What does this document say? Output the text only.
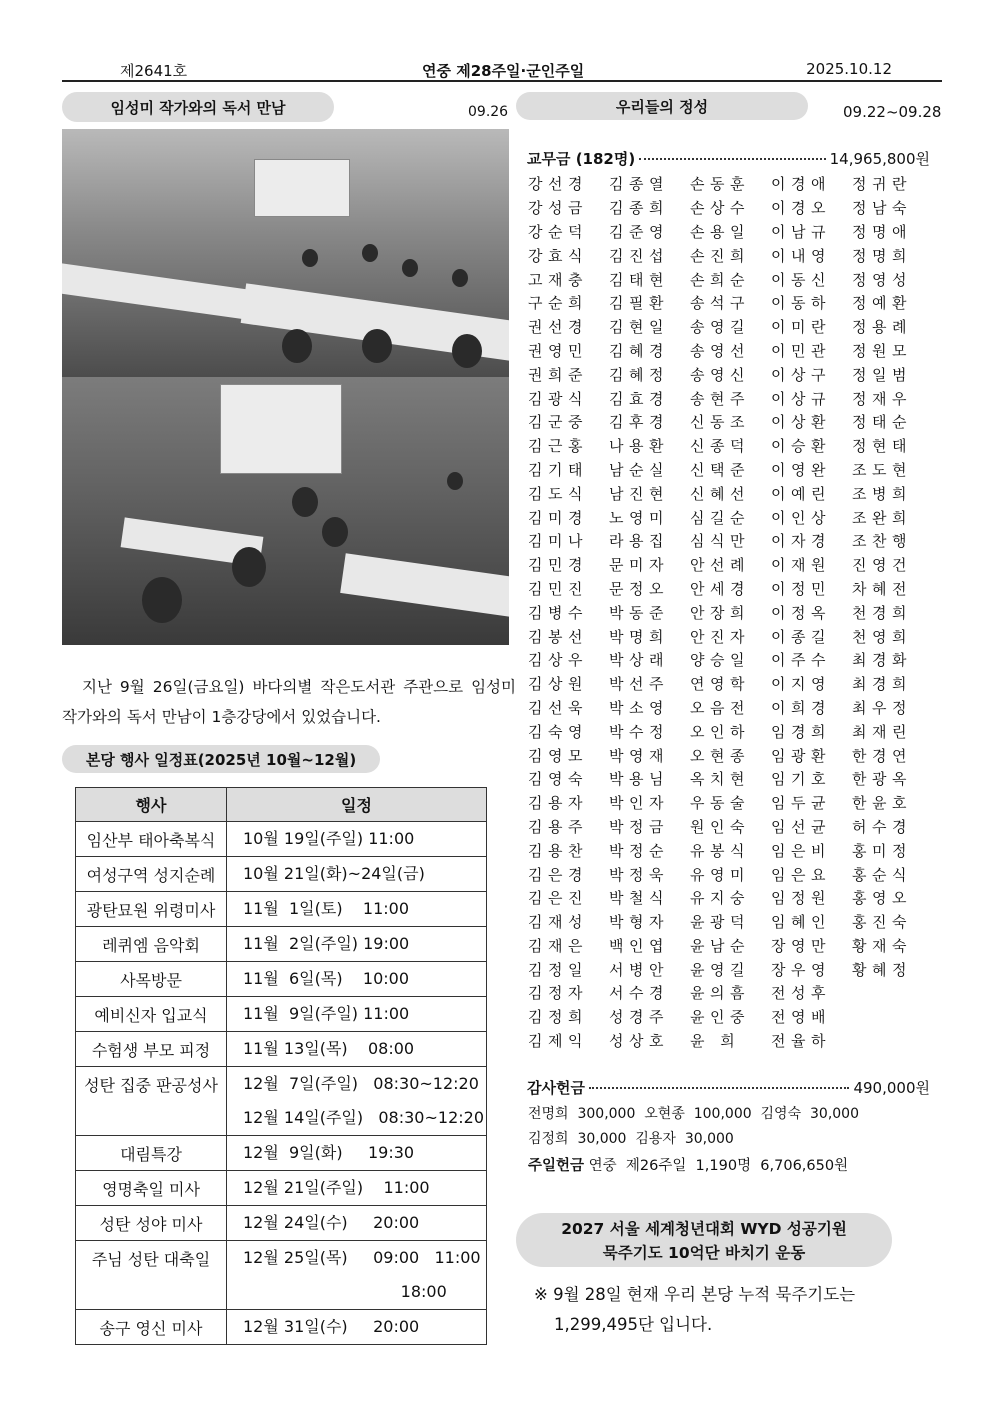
제2641호	연중 제28주일·군인주일	2025.10.12
임성미 작가와의 독서 만남	09.26
지난 9월 26일(금요일) 바다의별 작은도서관 주관으로 임성미 작가와의 독서 만남이 1층강당에서 있었습니다.
본당 행사 일정표(2025년 10월~12월)
행사	일정
임산부 태아축복식	10월 19일(주일) 11:00

여성구역 성지순례	10월 21일(화)~24일(금)

광탄묘원 위령미사	11월  1일(토)    11:00

레퀴엠 음악회	11월  2일(주일) 19:00

사목방문	11월  6일(목)    10:00

예비신자 입교식	11월  9일(주일) 11:00

수험생 부모 피정	11월 13일(목)    08:00

성탄 집중 판공성사	12월  7일(주일)   08:30~12:20
12월 14일(주일)   08:30~12:20

대림특강	12월  9일(화)     19:30

영명축일 미사	12월 21일(주일)    11:00

성탄 성야 미사	12월 24일(수)     20:00

주님 성탄 대축일	12월 25일(목)     09:00   11:00
18:00

송구 영신 미사	12월 31일(수)     20:00
우리들의 정성	09.22~09.28
교무금 (182명)	14,965,800원
강선경	김종열	손동훈	이경애	정귀란
강성금	김종희	손상수	이경오	정남숙
강순덕	김준영	손용일	이남규	정명애
강효식	김진섭	손진희	이내영	정명희
고재충	김태현	손희순	이동신	정영성
구순희	김필환	송석구	이동하	정예환
권선경	김현일	송영길	이미란	정용례
권영민	김혜경	송영선	이민관	정원모
권희준	김혜정	송영신	이상구	정일범
김광식	김효경	송현주	이상규	정재우
김군중	김후경	신동조	이상환	정태순
김근홍	나용환	신종덕	이승환	정현태
김기태	남순실	신택준	이영완	조도현
김도식	남진현	신혜선	이예린	조병희
김미경	노영미	심길순	이인상	조완희
김미나	라용집	심식만	이자경	조찬행
김민경	문미자	안선례	이재원	진영건
김민진	문정오	안세경	이정민	차혜전
김병수	박동준	안장희	이정옥	천경희
김봉선	박명희	안진자	이종길	천영희
김상우	박상래	양승일	이주수	최경화
김상원	박선주	연영학	이지영	최경희
김선욱	박소영	오음전	이희경	최우정
김숙영	박수정	오인하	임경희	최재린
김영모	박영재	오현종	임광환	한경연
김영숙	박용님	옥치현	임기호	한광옥
김용자	박인자	우동술	임두균	한윤호
김용주	박정금	원인숙	임선균	허수경
김용찬	박정순	유봉식	임은비	홍미정
김은경	박정욱	유영미	임은요	홍순식
김은진	박철식	유지숭	임정원	홍영오
김재성	박형자	윤광덕	임혜인	홍진숙
김재은	백인엽	윤남순	장영만	황재숙
김정일	서병안	윤영길	장우영	황혜정
김정자	서수경	윤의흠	전성후
김정희	성경주	윤인중	전영배
김제익	성상호	윤 희	전율하
감사헌금	490,000원
전명희  300,000  오현종  100,000  김영숙  30,000
김정희  30,000  김용자  30,000
주일헌금 연중  제26주일  1,190명  6,706,650원
2027 서울 세계청년대회 WYD 성공기원
묵주기도 10억단 바치기 운동
※ 9월 28일 현재 우리 본당 누적 묵주기도는
1,299,495단 입니다.
